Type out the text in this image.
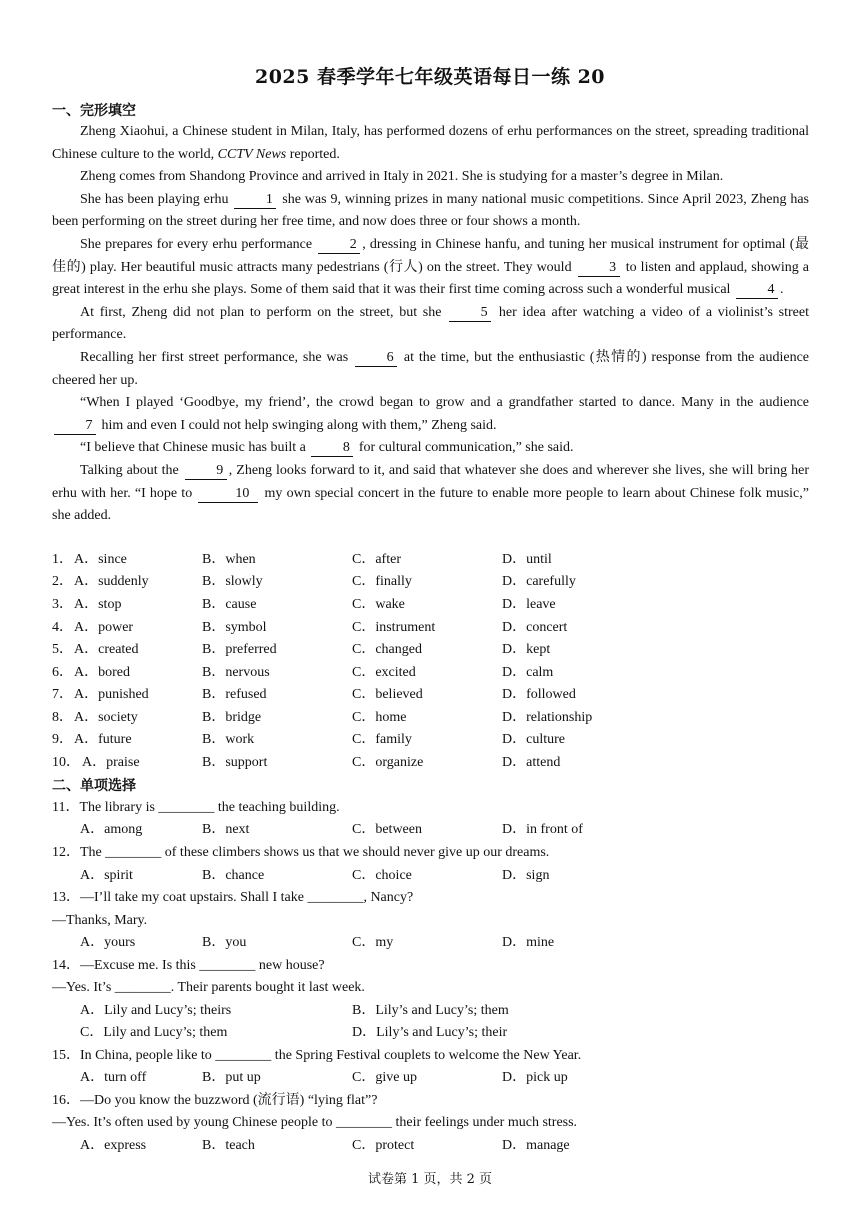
2025 春季学年七年级英语每日一练 20
一、完形填空

Zheng Xiaohui, a Chinese student in Milan, Italy, has performed dozens of erhu performances on the street, spreading traditional Chinese culture to the world, CCTV News reported.

Zheng comes from Shandong Province and arrived in Italy in 2021. She is studying for a master’s degree in Milan.

She has been playing erhu 1 she was 9, winning prizes in many national music competitions. Since April 2023, Zheng has been performing on the street during her free time, and now does three or four shows a month.

She prepares for every erhu performance 2 , dressing in Chinese hanfu, and tuning her musical instrument for optimal (最佳的) play. Her beautiful music attracts many pedestrians (行人) on the street. They would 3 to listen and applaud, showing a great interest in the erhu she plays. Some of them said that it was their first time coming across such a wonderful musical 4 .

At first, Zheng did not plan to perform on the street, but she 5 her idea after watching a video of a violinist’s street performance.

Recalling her first street performance, she was 6 at the time, but the enthusiastic (热情的) response from the audience cheered her up.

“When I played ‘Goodbye, my friend’, the crowd began to grow and a grandfather started to dance. Many in the audience 7 him and even I could not help swinging along with them,” Zheng said.

“I believe that Chinese music has built a 8 for cultural communication,” she said.

Talking about the 9 , Zheng looks forward to it, and said that whatever she does and wherever she lives, she will bring her erhu with her. “I hope to	10 my own special concert in the future to enable more people to learn about Chinese folk music,” she added.

1． A．since	B．when	C．after	D．until
2． A．suddenly	B．slowly	C．finally	D．carefully
3． A．stop	B．cause	C．wake	D．leave
4． A．power	B．symbol	C．instrument	D．concert
5． A．created	B．preferred	C．changed	D．kept
6． A．bored	B．nervous	C．excited	D．calm
7． A．punished	B．refused	C．believed	D．followed
8． A．society	B．bridge	C．home	D．relationship
9． A．future	B．work	C．family	D．culture
10． A．praise	B．support	C．organize	D．attend
二、单项选择
11．The library is ________ the teaching building.
A．among	B．next	C．between	D．in front of
12．The ________ of these climbers shows us that we should never give up our dreams.
A．spirit	B．chance	C．choice	D．sign
13．—I’ll take my coat upstairs. Shall I take ________, Nancy?
—Thanks, Mary.
A．yours	B．you	C．my	D．mine
14．—Excuse me. Is this ________ new house?
—Yes. It’s ________. Their parents bought it last week.
A．Lily and Lucy’s; theirs	B．Lily’s and Lucy’s; them
C．Lily and Lucy’s; them	D．Lily’s and Lucy’s; their
15．In China, people like to ________ the Spring Festival couplets to welcome the New Year.
A．turn off	B．put up	C．give up	D．pick up
16．—Do you know the buzzword (流行语) “lying flat”?
—Yes. It’s often used by young Chinese people to ________ their feelings under much stress.
A．express	B．teach	C．protect	D．manage
试卷第 1 页，共 2 页
